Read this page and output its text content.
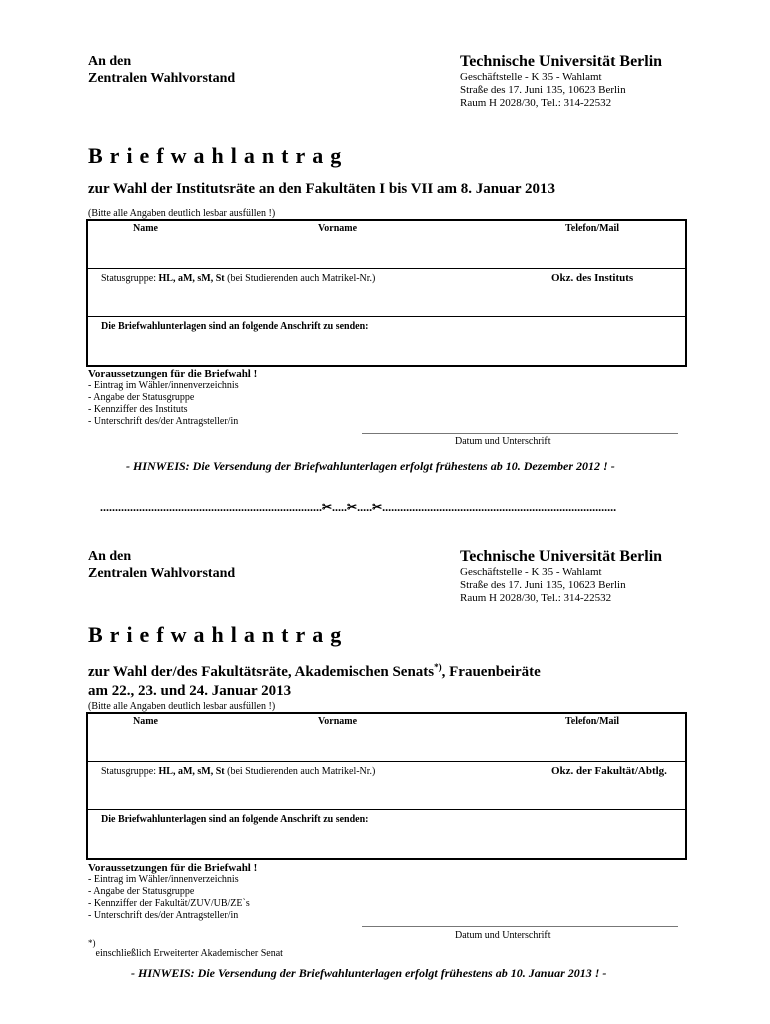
An den
Zentralen Wahlvorstand
Technische Universität Berlin
Geschäftstelle - K 35 - Wahlamt
Straße des 17. Juni 135, 10623 Berlin
Raum H 2028/30, Tel.: 314-22532
Briefwahlantrag
zur Wahl der Institutsräte an den Fakultäten I bis VII am 8. Januar 2013
(Bitte alle Angaben deutlich lesbar ausfüllen !)
Name	Vorname	Telefon/Mail
Statusgruppe: HL, aM, sM, St (bei Studierenden auch Matrikel-Nr.)	Okz. des Instituts
Die Briefwahlunterlagen sind an folgende Anschrift zu senden:
Voraussetzungen für die Briefwahl !
- Eintrag im Wähler/innenverzeichnis
- Angabe der Statusgruppe
- Kennziffer des Instituts
- Unterschrift des/der Antragsteller/in
Datum und Unterschrift
- HINWEIS: Die Versendung der Briefwahlunterlagen erfolgt frühestens ab 10. Dezember 2012 ! -
..........................................................................✂.....✂.....✂..............................................................................
An den
Zentralen Wahlvorstand
Technische Universität Berlin
Geschäftstelle - K 35 - Wahlamt
Straße des 17. Juni 135, 10623 Berlin
Raum H 2028/30, Tel.: 314-22532
Briefwahlantrag
zur Wahl der/des Fakultätsräte, Akademischen Senats*), Frauenbeiräte
am 22., 23. und 24. Januar 2013
(Bitte alle Angaben deutlich lesbar ausfüllen !)
Name	Vorname	Telefon/Mail
Statusgruppe: HL, aM, sM, St (bei Studierenden auch Matrikel-Nr.)	Okz. der Fakultät/Abtlg.
Die Briefwahlunterlagen sind an folgende Anschrift zu senden:
Voraussetzungen für die Briefwahl !
- Eintrag im Wähler/innenverzeichnis
- Angabe der Statusgruppe
- Kennziffer der Fakultät/ZUV/UB/ZE`s
- Unterschrift des/der Antragsteller/in
Datum und Unterschrift
*)einschließlich Erweiterter Akademischer Senat
- HINWEIS: Die Versendung der Briefwahlunterlagen erfolgt frühestens ab 10. Januar 2013 ! -
